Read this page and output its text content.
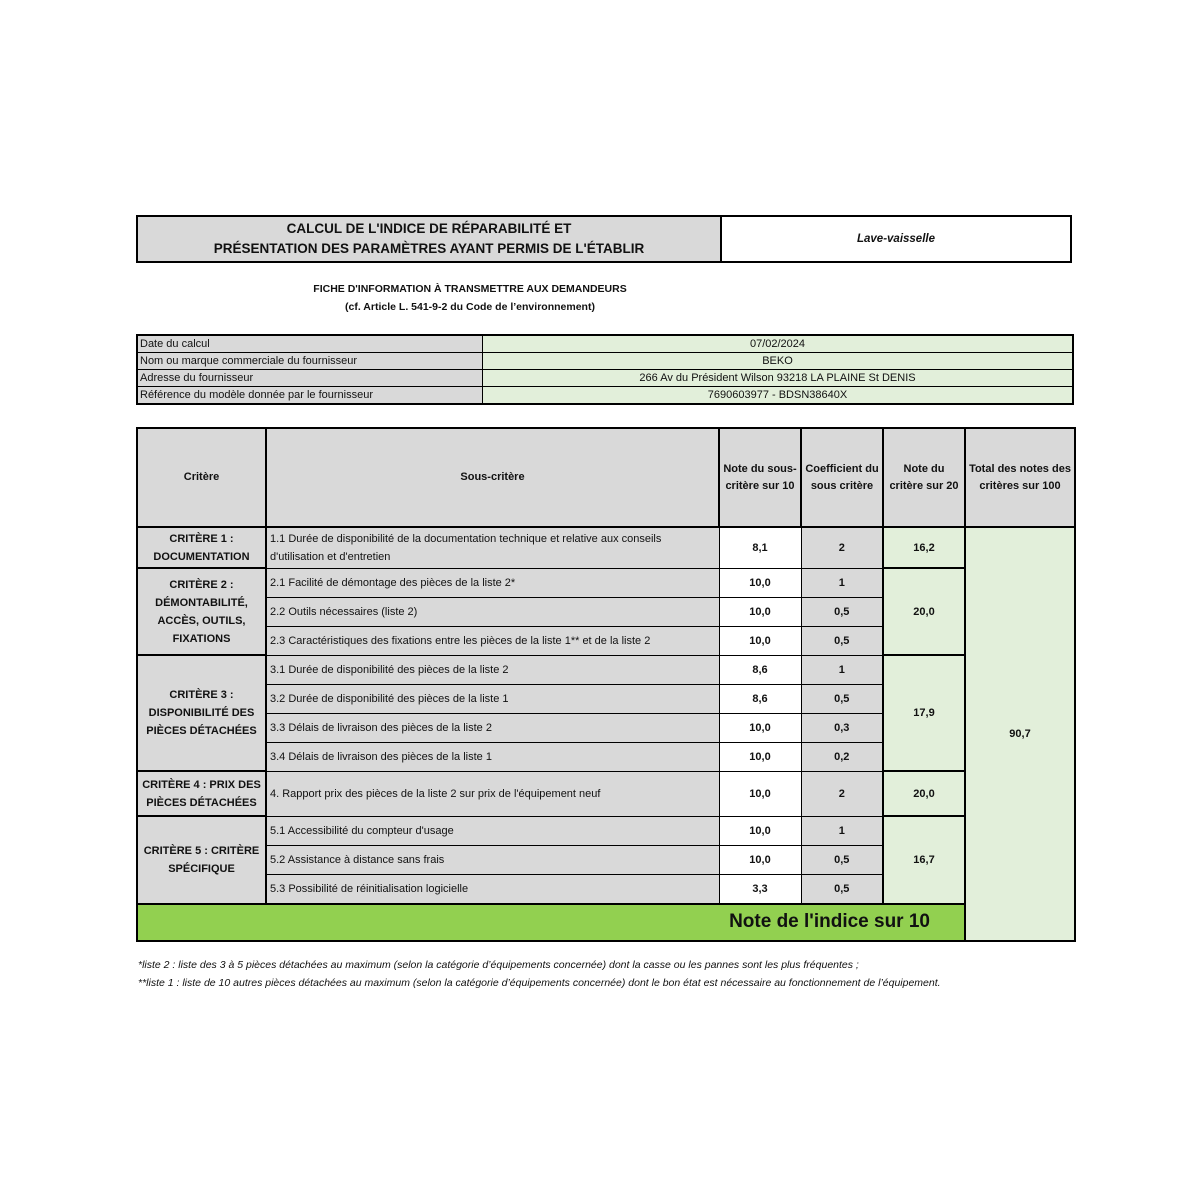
CALCUL DE L'INDICE DE RÉPARABILITÉ ET
PRÉSENTATION DES PARAMÈTRES AYANT PERMIS DE L'ÉTABLIR
Lave-vaisselle
FICHE D'INFORMATION À TRANSMETTRE AUX DEMANDEURS
(cf. Article L. 541-9-2 du Code de l’environnement)
Date du calcul	07/02/2024
Nom ou marque commerciale du fournisseur	BEKO
Adresse du fournisseur	266 Av du Président Wilson 93218 LA PLAINE St DENIS
Référence du modèle donnée par le fournisseur	7690603977 - BDSN38640X
Critère	Sous-critère	Note du sous-critère sur 10	Coefficient du sous critère	Note du critère sur 20	Total des notes des critères sur 100	
CRITÈRE 1 : DOCUMENTATION	1.1 Durée de disponibilité de la documentation technique et relative aux conseils d'utilisation et d'entretien	8,1	2	16,2	90,7	
CRITÈRE 2 : DÉMONTABILITÉ, ACCÈS, OUTILS, FIXATIONS	2.1 Facilité de démontage des pièces de la liste 2*	10,0	1	20,0		
	2.2 Outils nécessaires (liste 2)	10,0	0,5			
	2.3 Caractéristiques des fixations entre les pièces de la liste 1** et de la liste 2	10,0	0,5			
CRITÈRE 3 : DISPONIBILITÉ DES PIÈCES DÉTACHÉES	3.1 Durée de disponibilité des pièces de la liste 2	8,6	1	17,9		
	3.2 Durée de disponibilité des pièces de la liste 1	8,6	0,5			
	3.3 Délais de livraison des pièces de la liste 2	10,0	0,3			
	3.4 Délais de livraison des pièces de la liste 1	10,0	0,2			
CRITÈRE 4 : PRIX DES PIÈCES DÉTACHÉES	4. Rapport prix des pièces de la liste 2 sur prix de l'équipement neuf	10,0	2	20,0		
CRITÈRE 5 : CRITÈRE SPÉCIFIQUE	5.1 Accessibilité du compteur d'usage	10,0	1	16,7		
	5.2 Assistance à distance sans frais	10,0	0,5			
	5.3 Possibilité de réinitialisation logicielle	3,3	0,5			
Note de l'indice sur 10	
*liste 2 : liste des 3 à 5 pièces détachées au maximum (selon la catégorie d’équipements concernée) dont la casse ou les pannes sont les plus fréquentes ;
**liste 1 : liste de 10 autres pièces détachées au maximum (selon la catégorie d’équipements concernée) dont le bon état est nécessaire au fonctionnement de l’équipement.
